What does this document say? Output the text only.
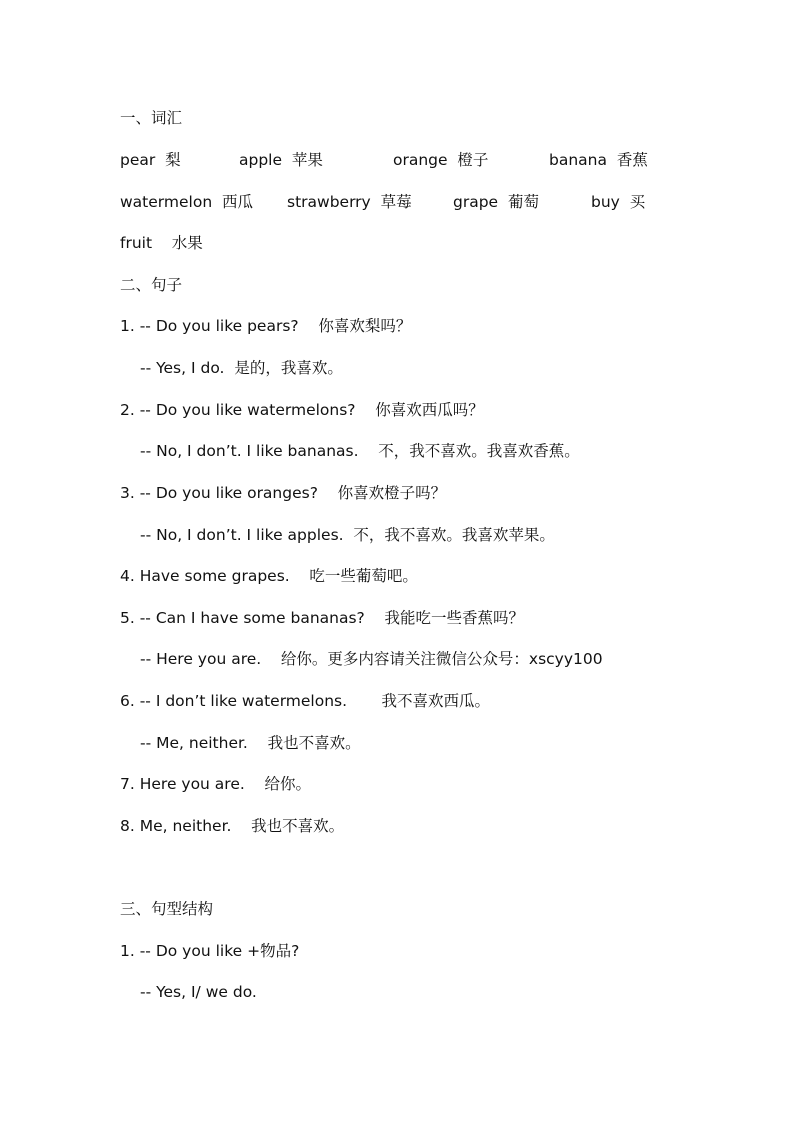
一、词汇
pear  梨	apple  苹果	orange  橙子	banana  香蕉
watermelon  西瓜 strawberry  草莓	grape  葡萄	buy  买
fruit    水果
二、句子
1. -- Do you like pears?    你喜欢梨吗？
-- Yes, I do.  是的，我喜欢。
2. -- Do you like watermelons?    你喜欢西瓜吗？
-- No, I don’t. I like bananas.    不，我不喜欢。我喜欢香蕉。
3. -- Do you like oranges?    你喜欢橙子吗？
-- No, I don’t. I like apples.  不，我不喜欢。我喜欢苹果。
4. Have some grapes.    吃一些葡萄吧。
5. -- Can I have some bananas?    我能吃一些香蕉吗？
-- Here you are.    给你。更多内容请关注微信公众号：xscyy100
6. -- I don’t like watermelons.       我不喜欢西瓜。
-- Me, neither.    我也不喜欢。
7. Here you are.    给你。
8. Me, neither.    我也不喜欢。
三、句型结构
1. -- Do you like +物品?
-- Yes, I/ we do.
